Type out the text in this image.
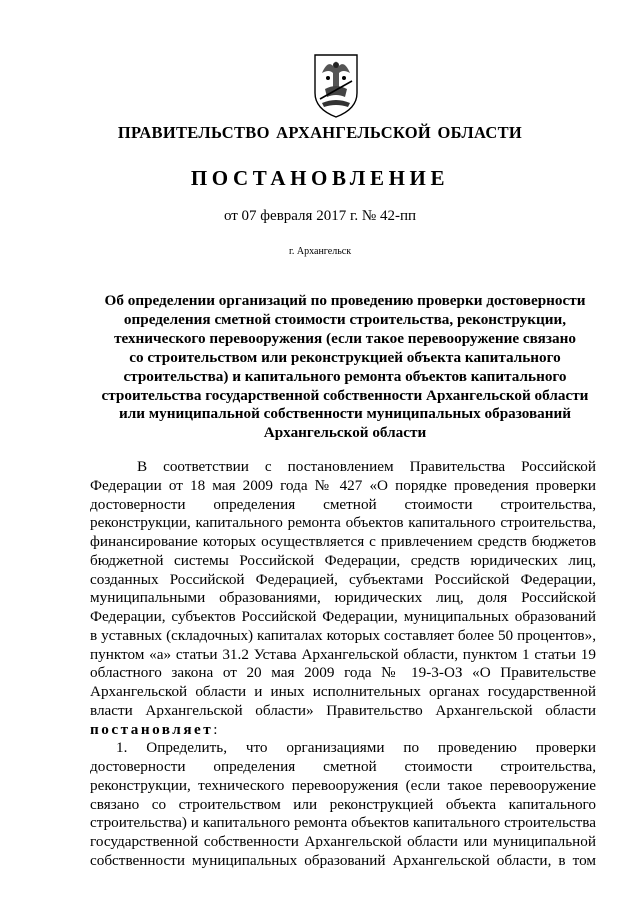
ПРАВИТЕЛЬСТВО АРХАНГЕЛЬСКОЙ ОБЛАСТИ
ПОСТАНОВЛЕНИЕ
от 07 февраля 2017 г. № 42-пп
г. Архангельск
Об определении организаций по проведению проверки достоверности
определения сметной стоимости строительства, реконструкции,
технического перевооружения (если такое перевооружение связано
со строительством или реконструкцией объекта капитального
строительства) и капитального ремонта объектов капитального
строительства государственной собственности Архангельской области
или муниципальной собственности муниципальных образований
Архангельской области
В соответствии с постановлением Правительства Российской
Федерации от 18 мая 2009 года № 427 «О порядке проведения проверки
достоверности определения сметной стоимости строительства,
реконструкции, капитального ремонта объектов капитального строительства,
финансирование которых осуществляется с привлечением средств бюджетов
бюджетной системы Российской Федерации, средств юридических лиц,
созданных Российской Федерацией, субъектами Российской Федерации,
муниципальными образованиями, юридических лиц, доля Российской
Федерации, субъектов Российской Федерации, муниципальных образований
в уставных (складочных) капиталах которых составляет более 50 процентов»,
пунктом «а» статьи 31.2 Устава Архангельской области, пунктом 1 статьи 19
областного закона от 20 мая 2009 года № 19-3-ОЗ «О Правительстве
Архангельской области и иных исполнительных органах государственной
власти Архангельской области» Правительство Архангельской области
постановляет:
1. Определить, что организациями по проведению проверки
достоверности определения сметной стоимости строительства,
реконструкции, технического перевооружения (если такое перевооружение
связано со строительством или реконструкцией объекта капитального
строительства) и капитального ремонта объектов капитального строительства
государственной собственности Архангельской области или муниципальной
собственности муниципальных образований Архангельской области, в том
